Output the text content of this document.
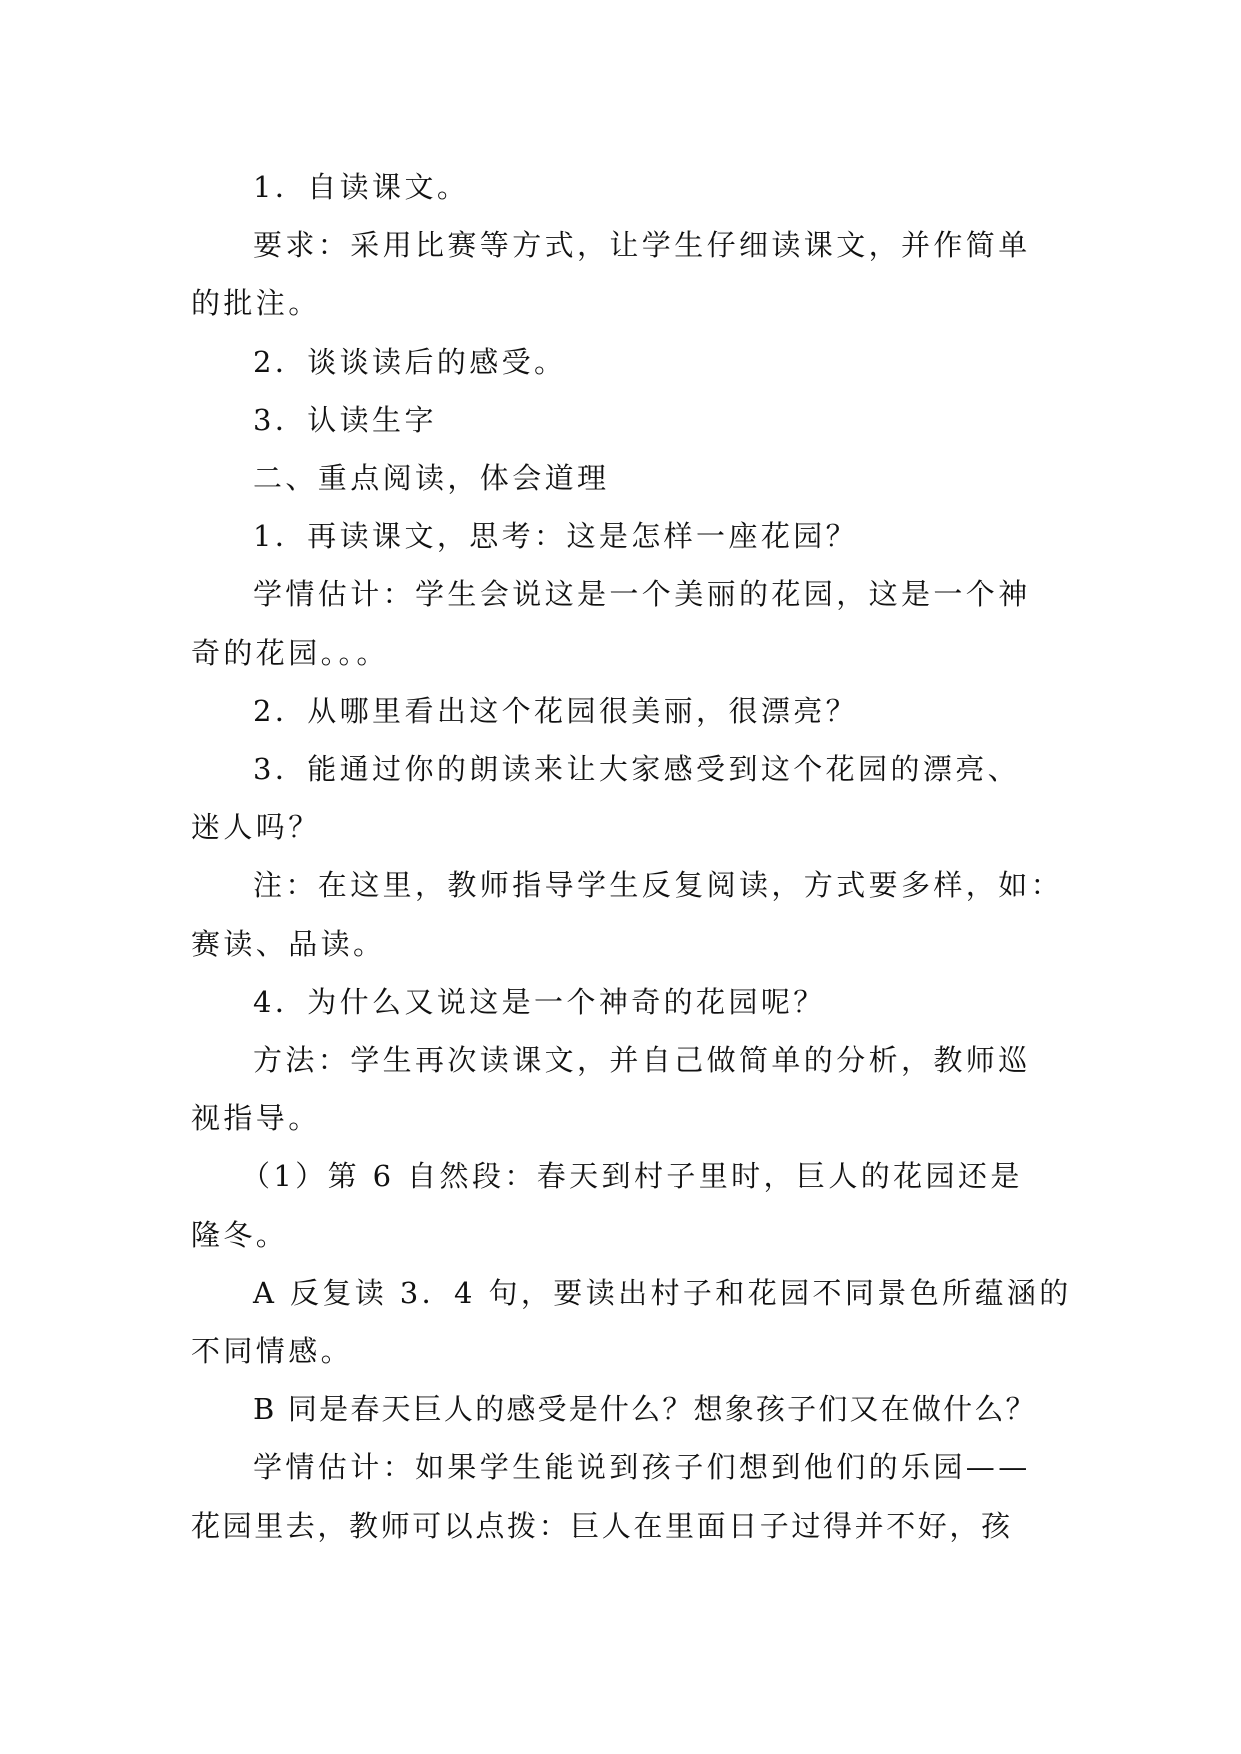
1．自读课文。

要求：采用比赛等方式，让学生仔细读课文，并作简单
的批注。

2．谈谈读后的感受。

3．认读生字

二、重点阅读，体会道理

1．再读课文，思考：这是怎样一座花园？

学情估计：学生会说这是一个美丽的花园，这是一个神
奇的花园。。。

2．从哪里看出这个花园很美丽，很漂亮？

3．能通过你的朗读来让大家感受到这个花园的漂亮、
迷人吗？

注：在这里，教师指导学生反复阅读，方式要多样，如：
赛读、品读。

4．为什么又说这是一个神奇的花园呢？

方法：学生再次读课文，并自己做简单的分析，教师巡
视指导。

（1）第 6 自然段：春天到村子里时，巨人的花园还是
隆冬。

A 反复读 3．4 句，要读出村子和花园不同景色所蕴涵的
不同情感。

B 同是春天巨人的感受是什么？想象孩子们又在做什么？

学情估计：如果学生能说到孩子们想到他们的乐园——
花园里去，教师可以点拨：巨人在里面日子过得并不好，孩
